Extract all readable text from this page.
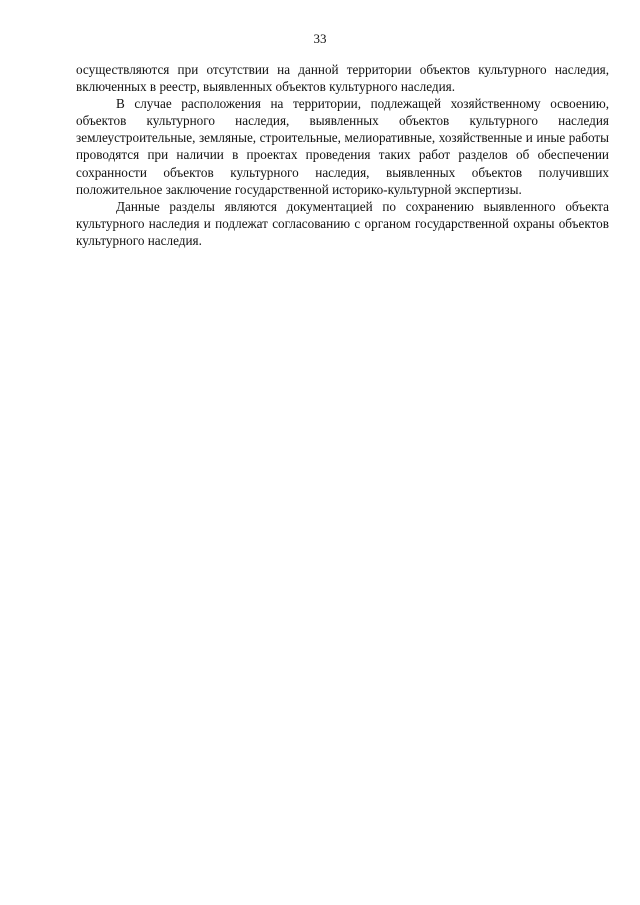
33

осуществляются при отсутствии на данной территории объектов культурного наследия, включенных в реестр, выявленных объектов культурного наследия.

В случае расположения на территории, подлежащей хозяйственному освоению, объектов культурного наследия, выявленных объектов культурного наследия землеустроительные, земляные, строительные, мелиоративные, хозяйственные и иные работы проводятся при наличии в проектах проведения таких работ разделов об обеспечении сохранности объектов культурного наследия, выявленных объектов получивших положительное заключение государственной историко-культурной экспертизы.

Данные разделы являются документацией по сохранению выявленного объекта культурного наследия и подлежат согласованию с органом государственной охраны объектов культурного наследия.
